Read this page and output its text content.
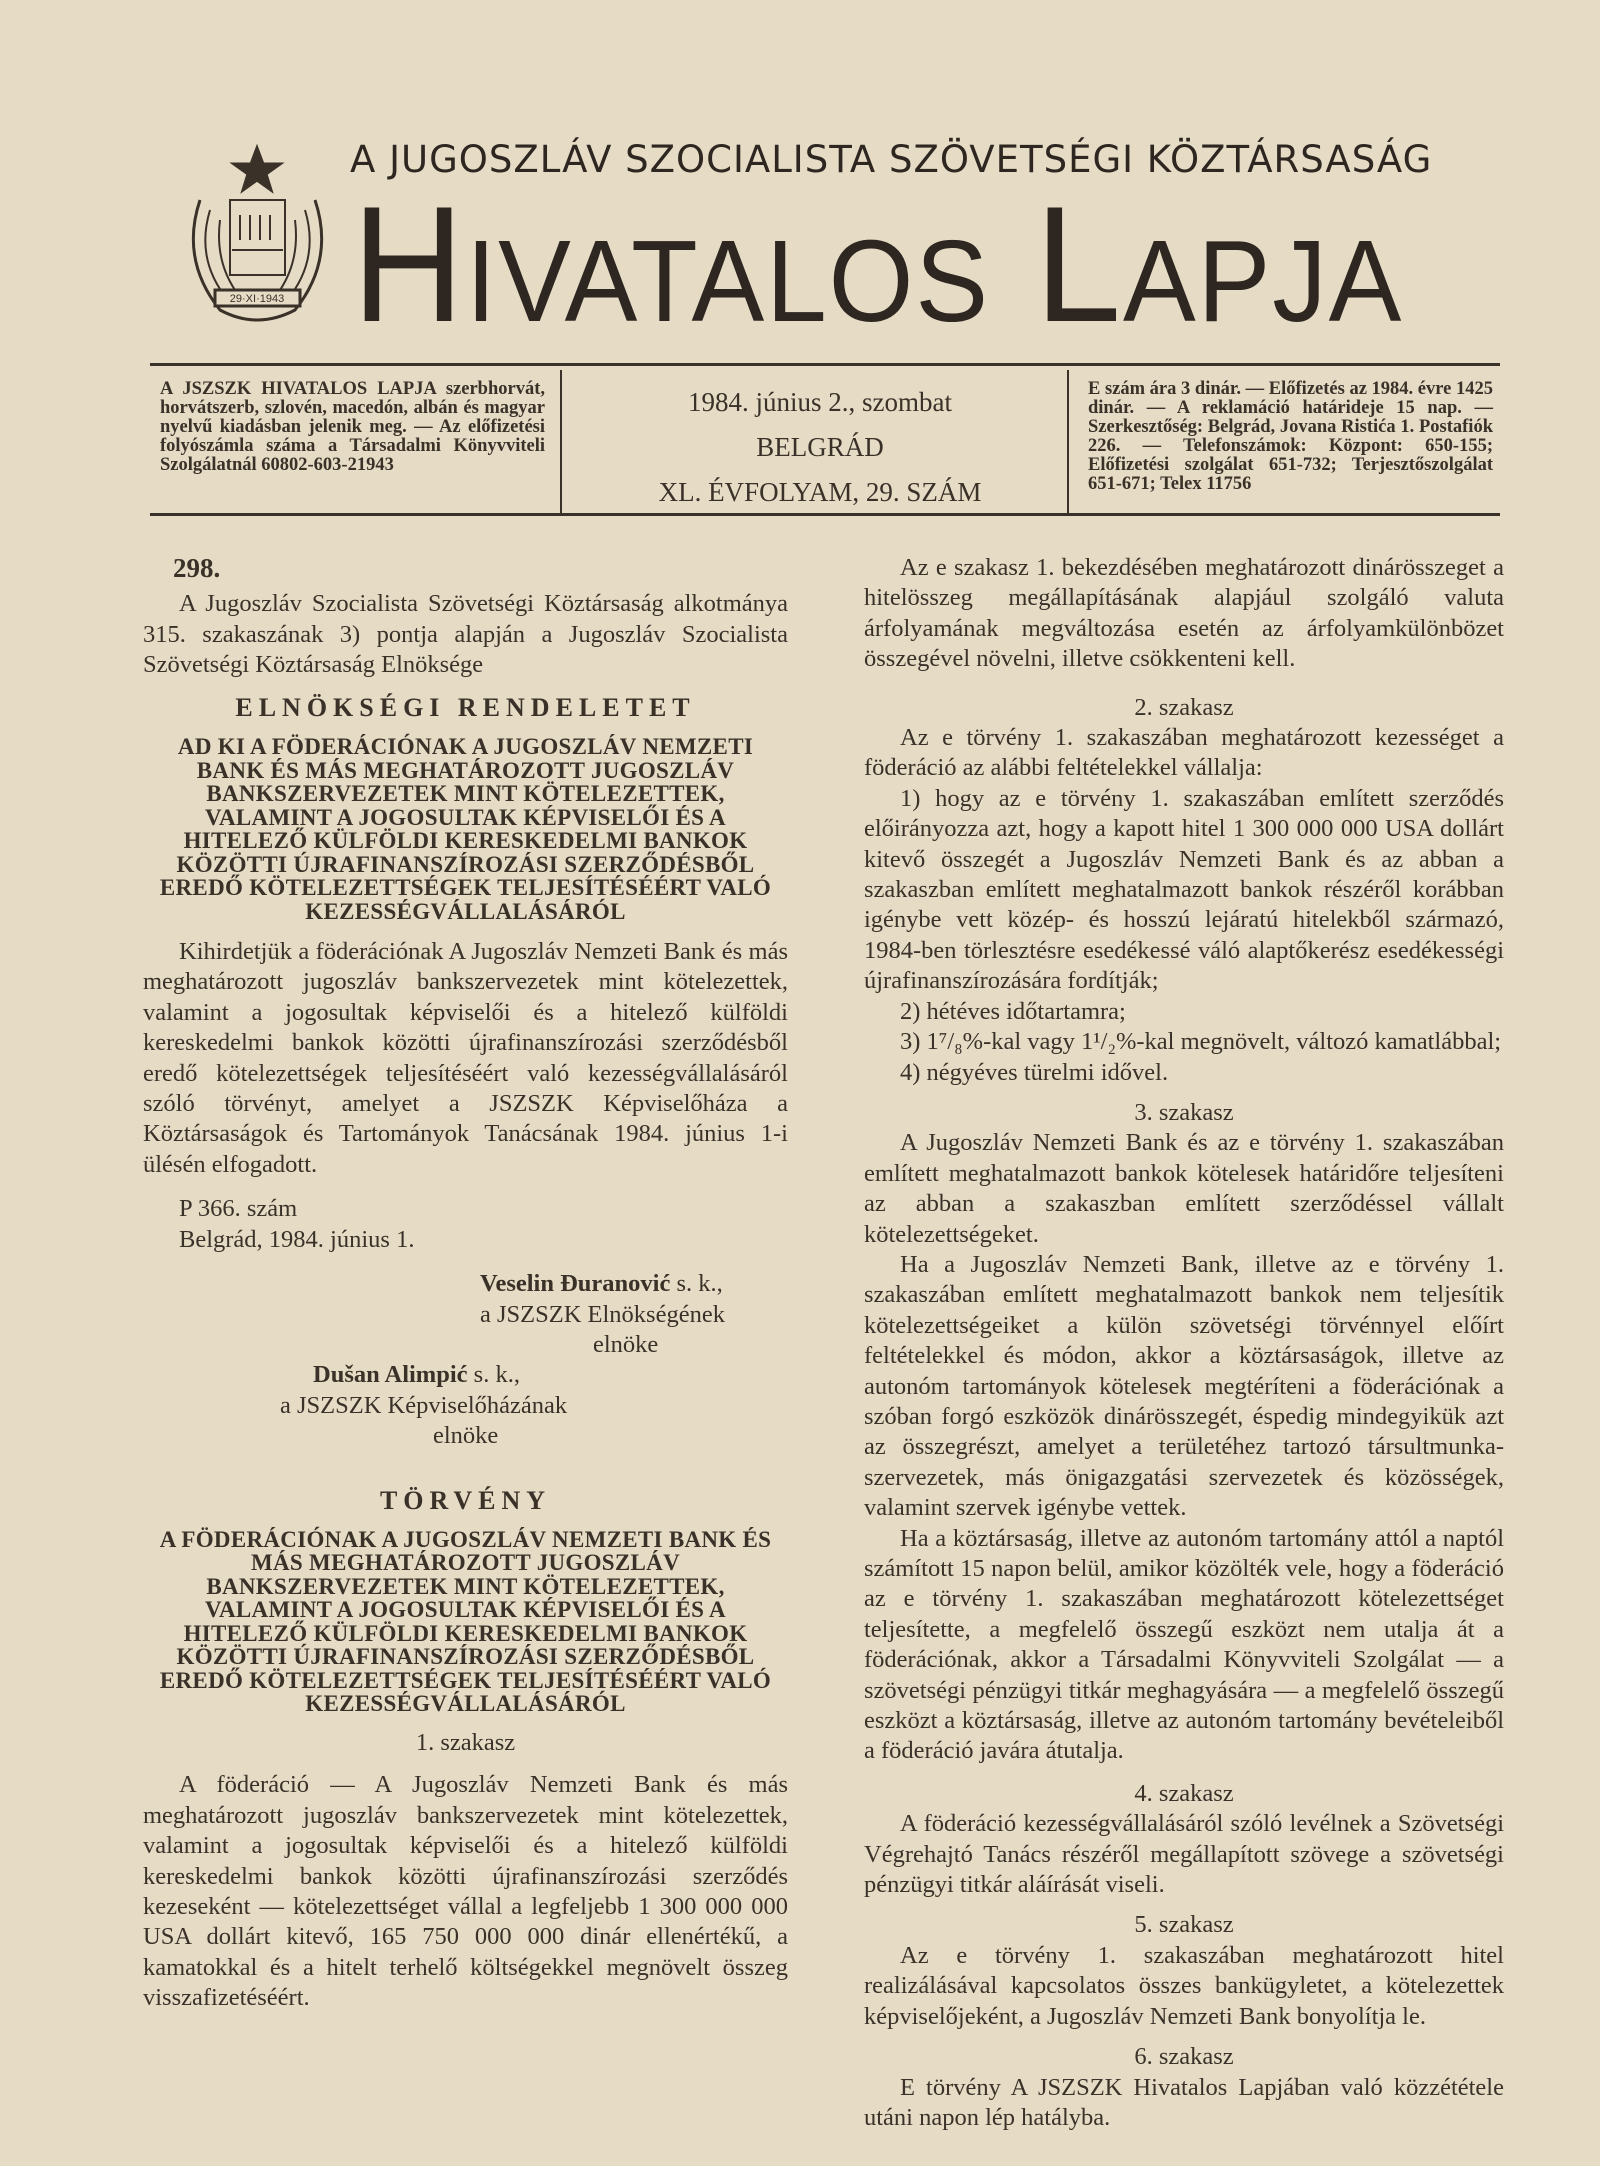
29·XI·1943
A JUGOSZLÁV SZOCIALISTA SZÖVETSÉGI KÖZTÁRSASÁG
Hivatalos Lapja
A JSZSZK HIVATALOS LAPJA szerbhorvát, horvátszerb, szlovén, macedón, albán és magyar nyelvű kiadásban jelenik meg. — Az előfizetési folyószámla száma a Társadalmi Könyvviteli Szolgálatnál 60802-603-21943
1984. június 2., szombat
BELGRÁD
XL. ÉVFOLYAM, 29. SZÁM
E szám ára 3 dinár. — Előfizetés az 1984. évre 1425 dinár. — A reklamáció határideje 15 nap. — Szerkesztőség: Belgrád, Jovana Ristića 1. Postafiók 226. — Telefonszámok: Központ: 650-155; Előfizetési szolgálat 651-732; Terjesztőszolgálat 651-671; Telex 11756

298.

A Jugoszláv Szocialista Szövetségi Köztársaság alkotmánya 315. szakaszának 3) pontja alapján a Jugoszláv Szocialista Szövetségi Köztársaság Elnöksége

ELNÖKSÉGI RENDELETET

AD KI A FÖDERÁCIÓNAK A JUGOSZLÁV NEMZETI BANK ÉS MÁS MEGHATÁROZOTT JUGOSZLÁV BANKSZERVEZETEK MINT KÖTELEZETTEK, VALAMINT A JOGOSULTAK KÉPVISELŐI ÉS A HITELEZŐ KÜLFÖLDI KERESKEDELMI BANKOK KÖZÖTTI ÚJRAFINANSZÍROZÁSI SZERZŐDÉSBŐL EREDŐ KÖTELEZETTSÉGEK TELJESÍTÉSÉÉRT VALÓ KEZESSÉGVÁLLALÁSÁRÓL

Kihirdetjük a föderációnak A Jugoszláv Nemzeti Bank és más meghatározott jugoszláv bankszervezetek mint kötelezettek, valamint a jogosultak képviselői és a hitelező külföldi kereskedelmi bankok közötti újrafinanszírozási szerződésből eredő kötelezettségek teljesítéséért való kezességvállalásáról szóló törvényt, amelyet a JSZSZK Képviselőháza a Köztársaságok és Tartományok Tanácsának 1984. június 1-i ülésén elfogadott.

P 366. szám

Belgrád, 1984. június 1.

Veselin Đuranović s. k.,

a JSZSZK Elnökségének

elnöke

Dušan Alimpić s. k.,

a JSZSZK Képviselőházának

elnöke

TÖRVÉNY

A FÖDERÁCIÓNAK A JUGOSZLÁV NEMZETI BANK ÉS MÁS MEGHATÁROZOTT JUGOSZLÁV BANKSZERVEZETEK MINT KÖTELEZETTEK, VALAMINT A JOGOSULTAK KÉPVISELŐI ÉS A HITELEZŐ KÜLFÖLDI KERESKEDELMI BANKOK KÖZÖTTI ÚJRAFINANSZÍROZÁSI SZERZŐDÉSBŐL EREDŐ KÖTELEZETTSÉGEK TELJESÍTÉSÉÉRT VALÓ KEZESSÉGVÁLLALÁSÁRÓL

1. szakasz

A föderáció — A Jugoszláv Nemzeti Bank és más meghatározott jugoszláv bankszervezetek mint kötelezettek, valamint a jogosultak képviselői és a hitelező külföldi kereskedelmi bankok közötti újrafinanszírozási szerződés kezeseként — kötelezettséget vállal a legfeljebb 1 300 000 000 USA dollárt kitevő, 165 750 000 000 dinár ellenértékű, a kamatokkal és a hitelt terhelő költségekkel megnövelt összeg visszafizetéséért.

Az e szakasz 1. bekezdésében meghatározott dinárösszeget a hitelösszeg megállapításának alapjául szolgáló valuta árfolyamának megváltozása esetén az árfolyamkülönbözet összegével növelni, illetve csökkenteni kell.

2. szakasz

Az e törvény 1. szakaszában meghatározott kezességet a föderáció az alábbi feltételekkel vállalja:

1) hogy az e törvény 1. szakaszában említett szerződés előirányozza azt, hogy a kapott hitel 1 300 000 000 USA dollárt kitevő összegét a Jugoszláv Nemzeti Bank és az abban a szakaszban említett meghatalmazott bankok részéről korábban igénybe vett közép- és hosszú lejáratú hitelekből származó, 1984-ben törlesztésre esedékessé váló alaptőkerész esedékességi újrafinanszírozására fordítják;

2) hétéves időtartamra;

3) 1⁷/₈%-kal vagy 1¹/₂%-kal megnövelt, változó kamatlábbal;

4) négyéves türelmi idővel.

3. szakasz

A Jugoszláv Nemzeti Bank és az e törvény 1. szakaszában említett meghatalmazott bankok kötelesek határidőre teljesíteni az abban a szakaszban említett szerződéssel vállalt kötelezettségeket.

Ha a Jugoszláv Nemzeti Bank, illetve az e törvény 1. szakaszában említett meghatalmazott bankok nem teljesítik kötelezettségeiket a külön szövetségi törvénnyel előírt feltételekkel és módon, akkor a köztársaságok, illetve az autonóm tartományok kötelesek megtéríteni a föderációnak a szóban forgó eszközök dinárösszegét, éspedig mindegyikük azt az összegrészt, amelyet a területéhez tartozó társultmunka-szervezetek, más önigazgatási szervezetek és közösségek, valamint szervek igénybe vettek.

Ha a köztársaság, illetve az autonóm tartomány attól a naptól számított 15 napon belül, amikor közölték vele, hogy a föderáció az e törvény 1. szakaszában meghatározott kötelezettséget teljesítette, a megfelelő összegű eszközt nem utalja át a föderációnak, akkor a Társadalmi Könyvviteli Szolgálat — a szövetségi pénzügyi titkár meghagyására — a megfelelő összegű eszközt a köztársaság, illetve az autonóm tartomány bevételeiből a föderáció javára átutalja.

4. szakasz

A föderáció kezességvállalásáról szóló levélnek a Szövetségi Végrehajtó Tanács részéről megállapított szövege a szövetségi pénzügyi titkár aláírását viseli.

5. szakasz

Az e törvény 1. szakaszában meghatározott hitel realizálásával kapcsolatos összes bankügyletet, a kötelezettek képviselőjeként, a Jugoszláv Nemzeti Bank bonyolítja le.

6. szakasz

E törvény A JSZSZK Hivatalos Lapjában való közzététele utáni napon lép hatályba.
